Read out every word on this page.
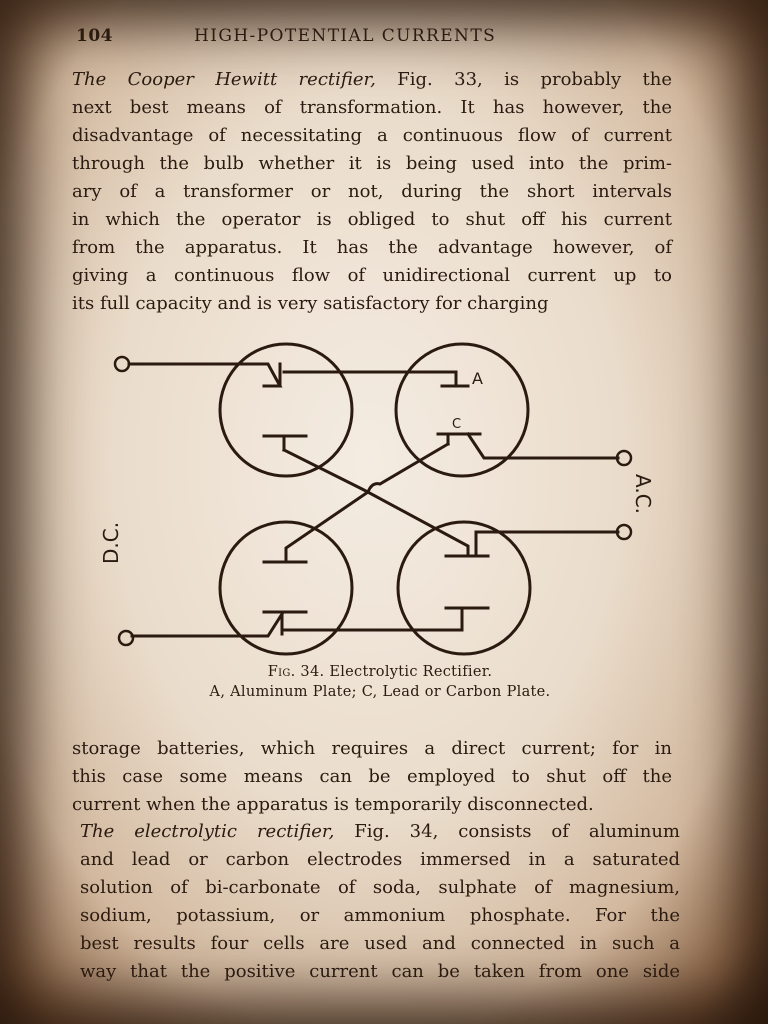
104	HIGH-POTENTIAL CURRENTS

The Cooper Hewitt rectifier, Fig. 33, is probably the
next best means of transformation. It has however, the
disadvantage of necessitating a continuous flow of current
through the bulb whether it is being used into the prim-
ary of a transformer or not, during the short intervals
in which the operator is obliged to shut off his current
from the apparatus. It has the advantage however, of
giving a continuous flow of unidirectional current up to
its full capacity and is very satisfactory for charging

A
C
D.C.
A.C.
Fig. 34. Electrolytic Rectifier.
A, Aluminum Plate; C, Lead or Carbon Plate.

storage batteries, which requires a direct current; for in
this case some means can be employed to shut off the
current when the apparatus is temporarily disconnected.

The electrolytic rectifier, Fig. 34, consists of aluminum
and lead or carbon electrodes immersed in a saturated
solution of bi-carbonate of soda, sulphate of magnesium,
sodium, potassium, or ammonium phosphate. For the
best results four cells are used and connected in such a
way that the positive current can be taken from one side
